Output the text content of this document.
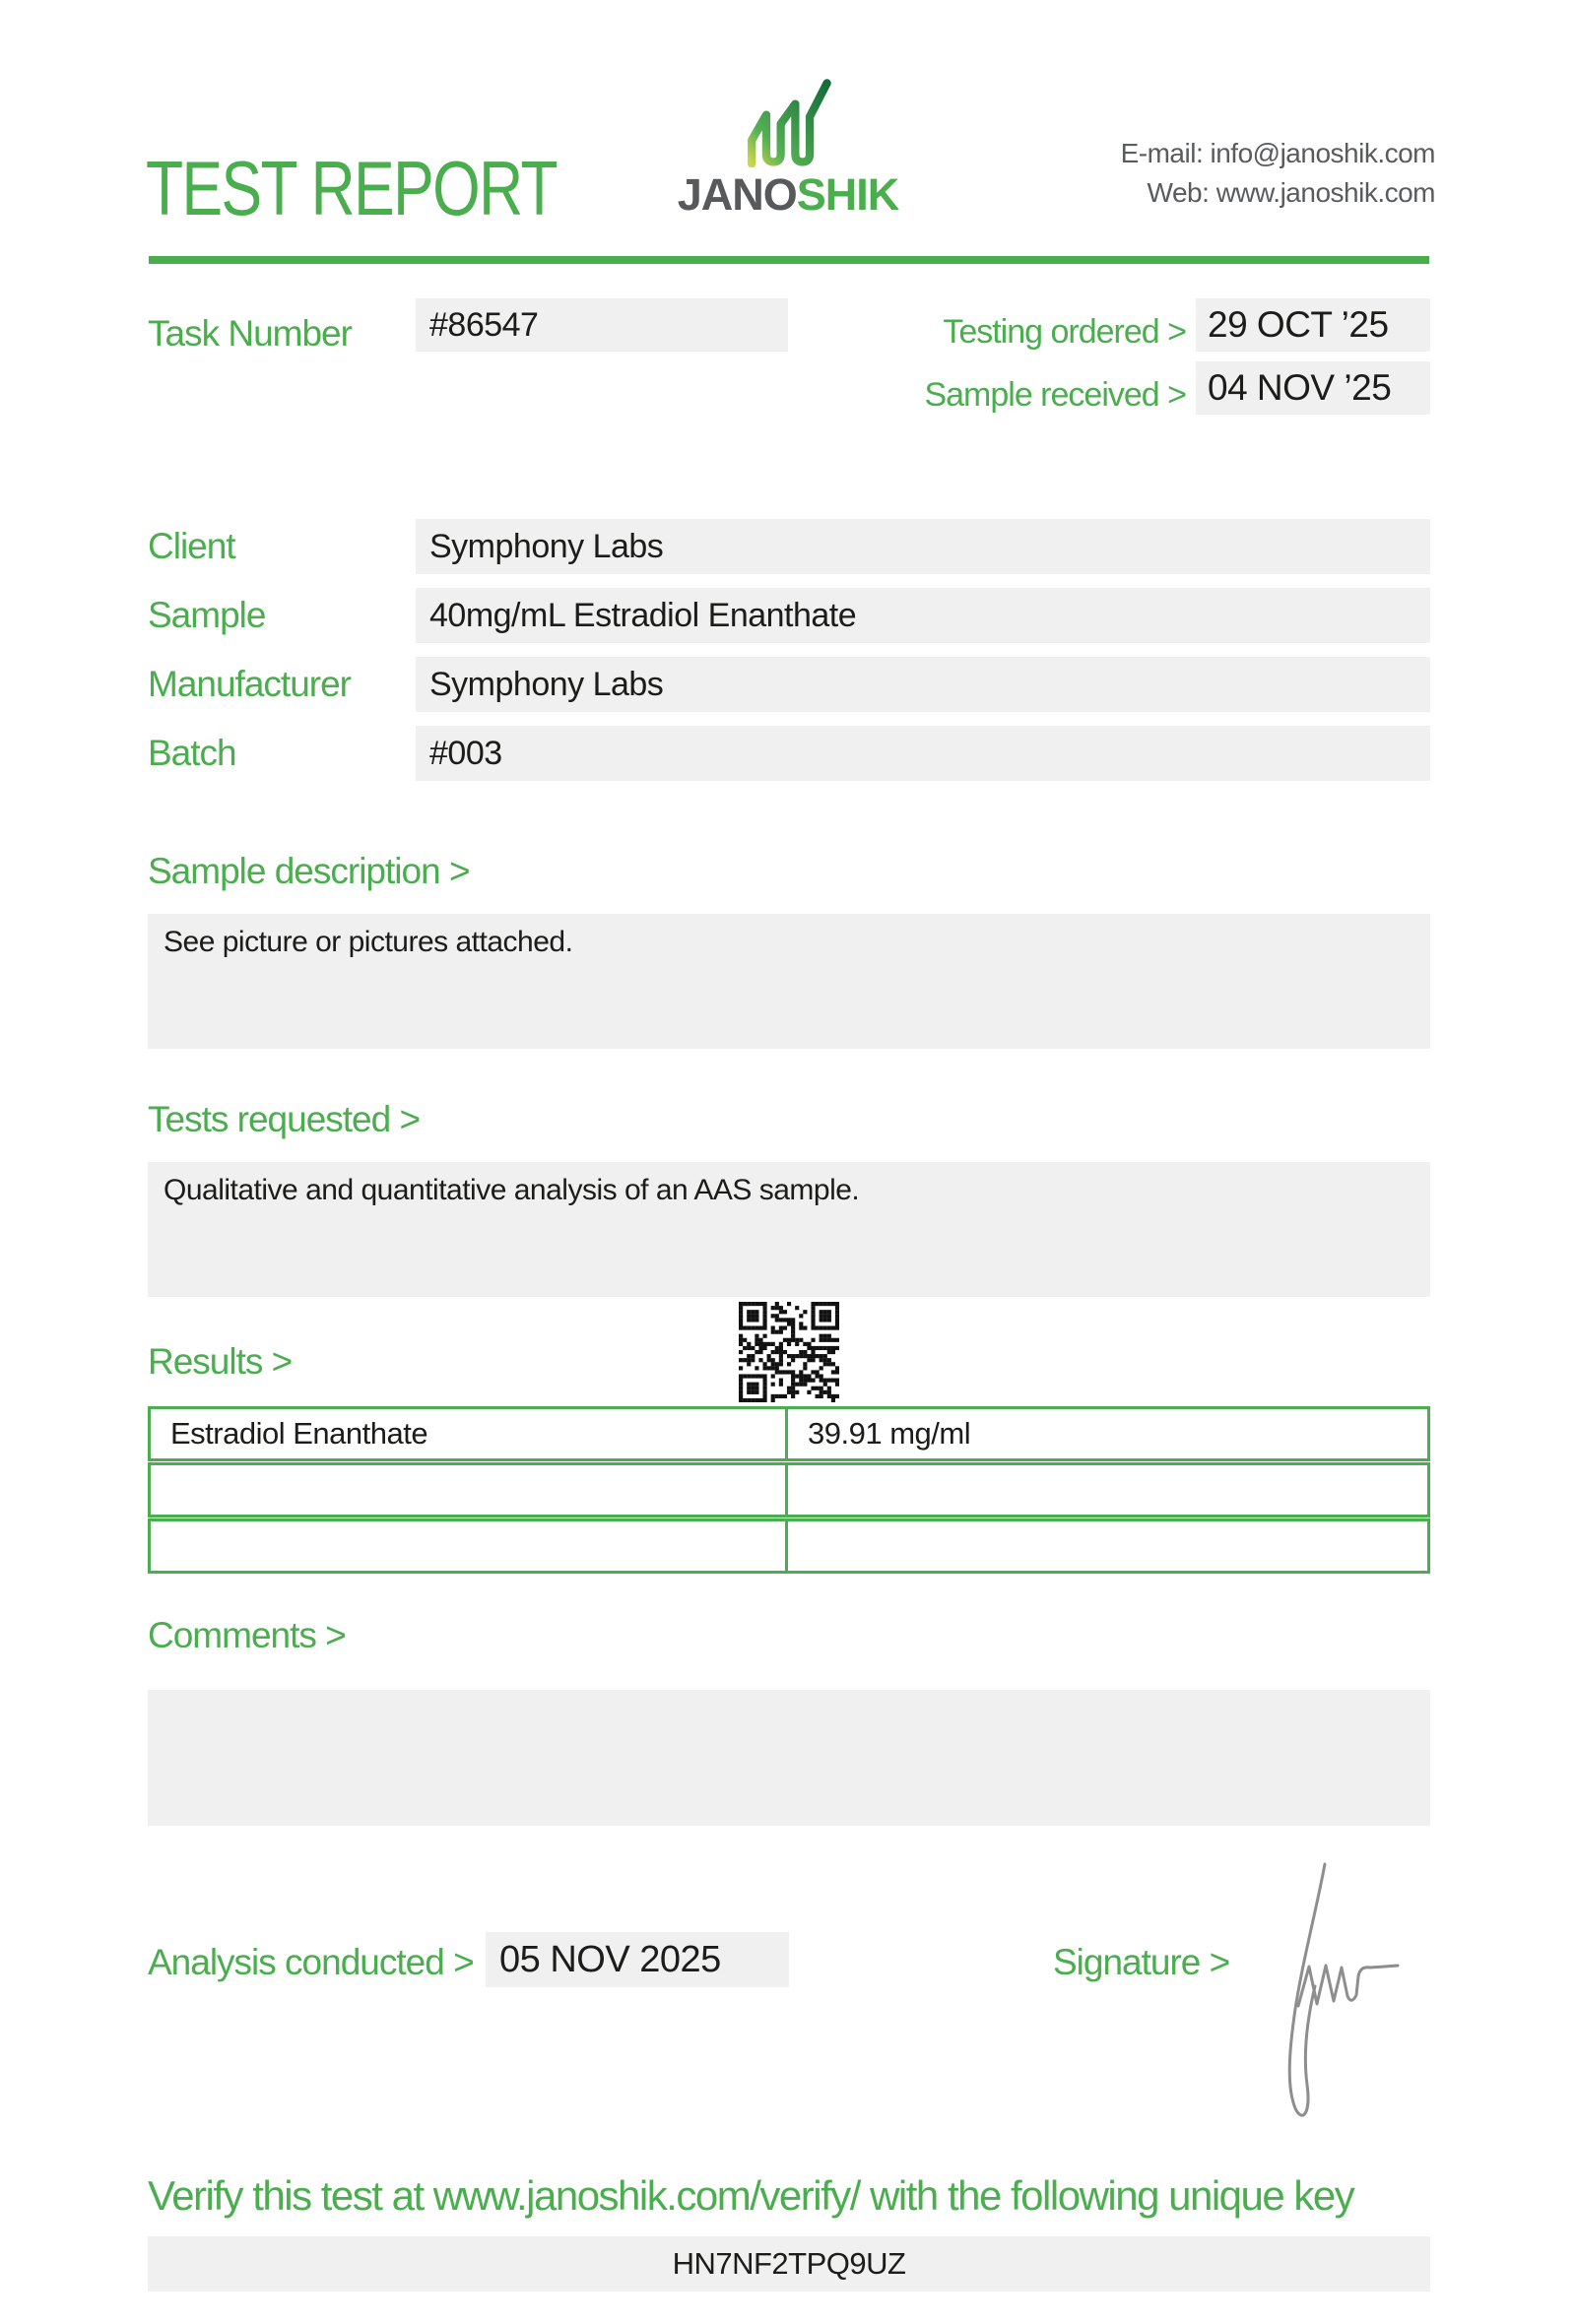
TEST REPORT	JANOSHIK
E-mail: info@janoshik.com
Web: www.janoshik.com
Task Number	#86547	Testing ordered > 29 OCT ’25
Sample received > 04 NOV ’25
Client	Symphony Labs
Sample	40mg/mL Estradiol Enanthate
Manufacturer	Symphony Labs
Batch	#003
Sample description >
See picture or pictures attached.
Tests requested >
Qualitative and quantitative analysis of an AAS sample.
Results >
Estradiol Enanthate	39.91 mg/ml
Comments >
Analysis conducted > 05 NOV 2025	Signature >
Verify this test at www.janoshik.com/verify/ with the following unique key
HN7NF2TPQ9UZ
